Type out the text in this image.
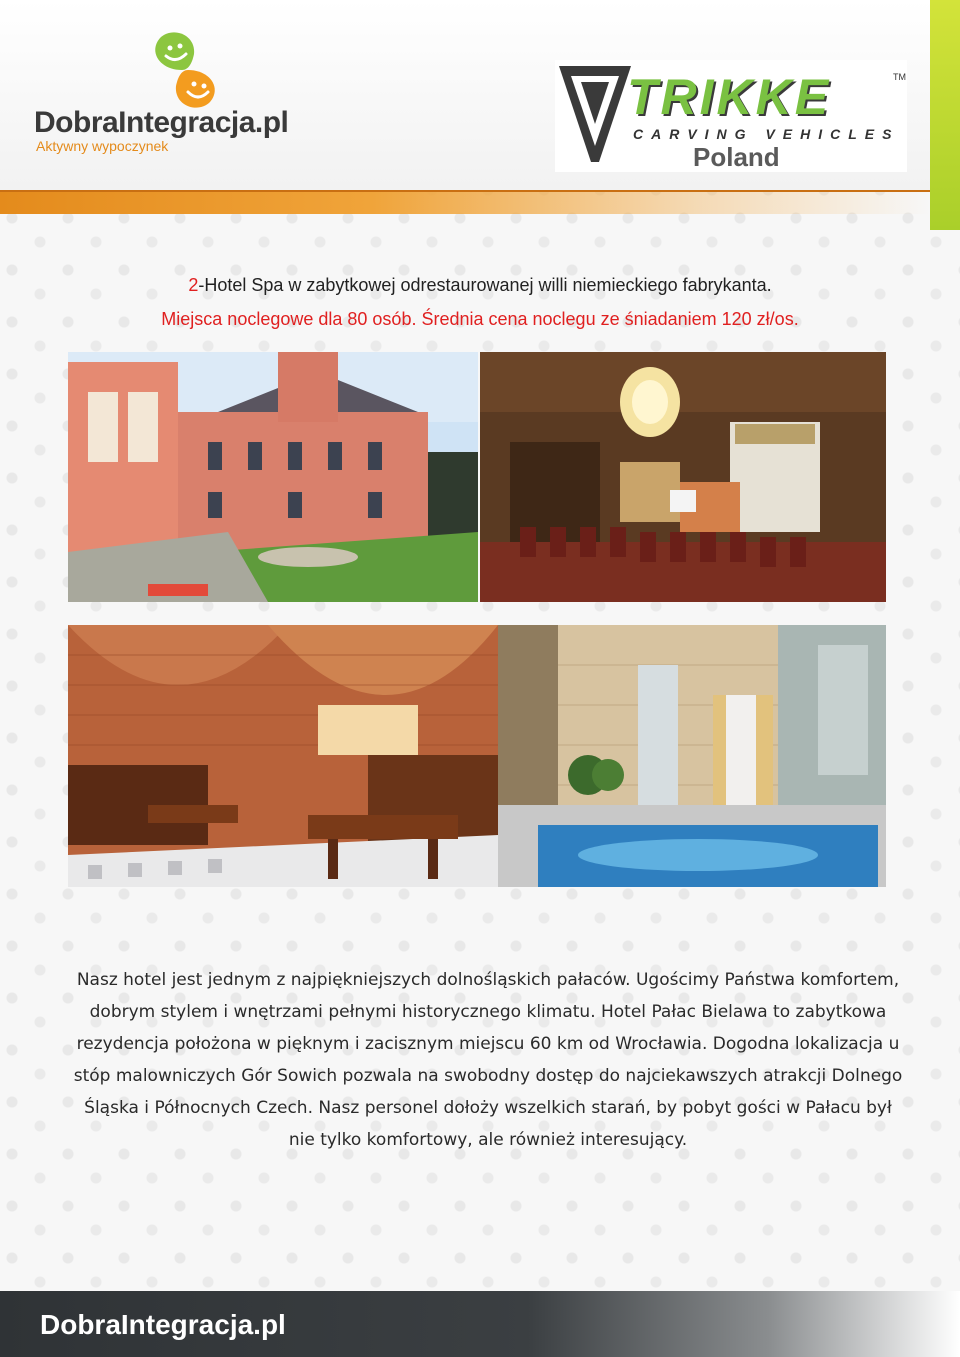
DobraIntegracja.pl
Aktywny wypoczynek
TRIKKE	TM
CARVING VEHICLES
Poland
2-Hotel Spa w zabytkowej odrestaurowanej willi niemieckiego fabrykanta.
Miejsca noclegowe dla 80 osób. Średnia cena noclegu ze śniadaniem 120 zł/os.
Nasz hotel jest jednym z najpiękniejszych dolnośląskich pałaców. Ugościmy Państwa komfortem, dobrym stylem i wnętrzami pełnymi historycznego klimatu. Hotel Pałac Bielawa to zabytkowa rezydencja położona w pięknym i zacisznym miejscu 60 km od Wrocławia. Dogodna lokalizacja u stóp malowniczych Gór Sowich pozwala na swobodny dostęp do najciekawszych atrakcji Dolnego Śląska i Północnych Czech. Nasz personel dołoży wszelkich starań, by pobyt gości w Pałacu był nie tylko komfortowy, ale również interesujący.
DobraIntegracja.pl
